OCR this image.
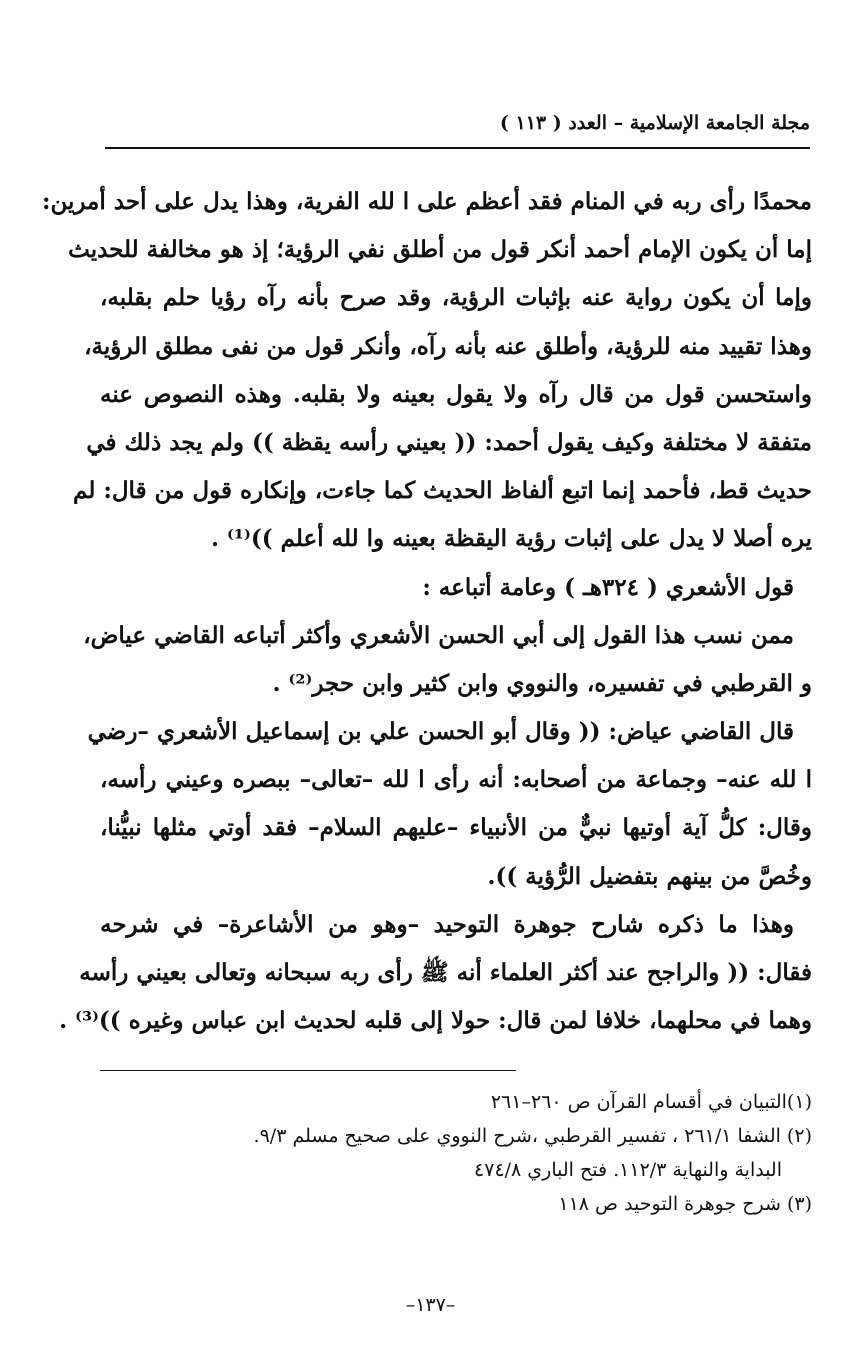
مجلة الجامعة الإسلامية – العدد ( ١١٣ )
محمدًا رأى ربه في المنام فقد أعظم على ا لله الفرية، وهذا يدل على أحد أمرين:
إما أن يكون الإمام أحمد أنكر قول من أطلق نفي الرؤية؛ إذ هو مخالفة للحديث
وإما أن يكون رواية عنه بإثبات الرؤية، وقد صرح بأنه رآه رؤيا حلم بقلبه،
وهذا تقييد منه للرؤية، وأطلق عنه بأنه رآه، وأنكر قول من نفى مطلق الرؤية،
واستحسن قول من قال رآه ولا يقول بعينه ولا بقلبه. وهذه النصوص عنه
متفقة لا مختلفة وكيف يقول أحمد: (( بعيني رأسه يقظة )) ولم يجد ذلك في
حديث قط، فأحمد إنما اتبع ألفاظ الحديث كما جاءت، وإنكاره قول من قال: لم
يره أصلا لا يدل على إثبات رؤية اليقظة بعينه وا لله أعلم ))⁽¹⁾ .
قول الأشعري ( ٣٢٤هـ ) وعامة أتباعه :
ممن نسب هذا القول إلى أبي الحسن الأشعري وأكثر أتباعه القاضي عياض،
و القرطبي في تفسيره، والنووي وابن كثير وابن حجر⁽²⁾ .
قال القاضي عياض: (( وقال أبو الحسن علي بن إسماعيل الأشعري –رضي
ا لله عنه– وجماعة من أصحابه: أنه رأى ا لله –تعالى– ببصره وعيني رأسه،
وقال: كلُّ آية أوتيها نبيٌّ من الأنبياء –عليهم السلام– فقد أوتي مثلها نبيُّنا،
وخُصَّ من بينهم بتفضيل الرُّؤية )).
وهذا ما ذكره شارح جوهرة التوحيد –وهو من الأشاعرة– في شرحه
فقال: (( والراجح عند أكثر العلماء أنه ﷺ رأى ربه سبحانه وتعالى بعيني رأسه
وهما في محلهما، خلافا لمن قال: حولا إلى قلبه لحديث ابن عباس وغيره ))⁽³⁾ .
(١)التبيان في أقسام القرآن ص ٢٦٠–٢٦١
(٢) الشفا ٢٦١/١ ، تفسير القرطبي ،شرح النووي على صحيح مسلم ٩/٣.
البداية والنهاية ١١٢/٣. فتح الباري ٤٧٤/٨
(٣) شرح جوهرة التوحيد ص ١١٨
–١٣٧–
